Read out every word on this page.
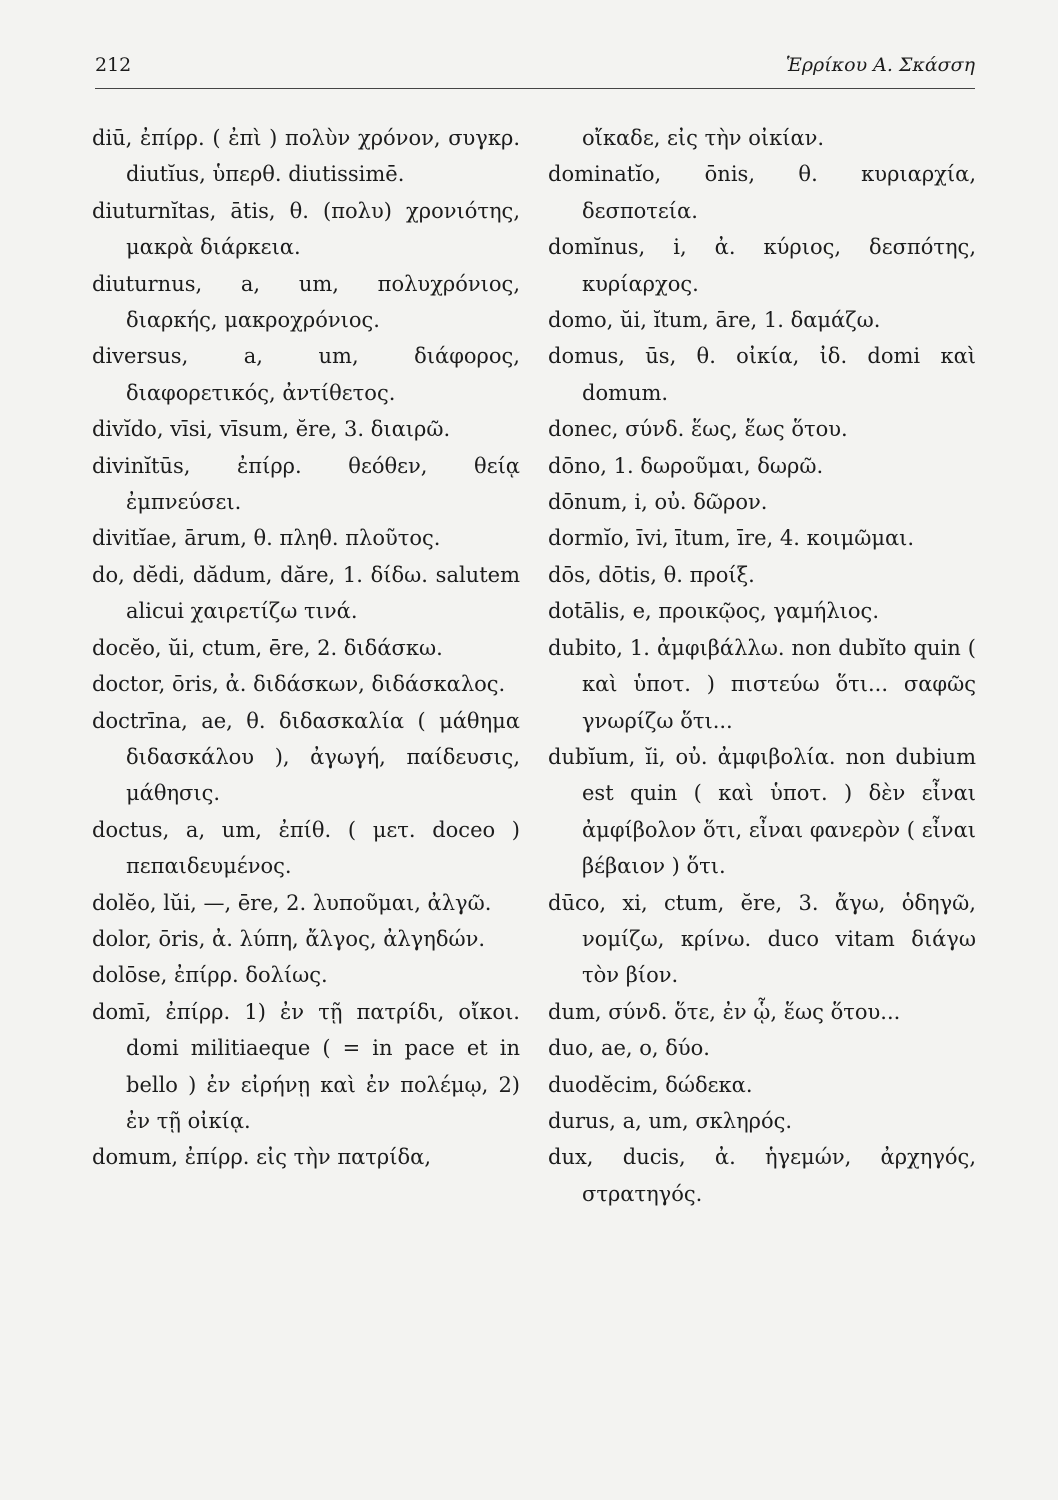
212	Ἑρρίκου Α. Σκάσση

diū, ἐπίρρ. ( ἐπὶ ) πολὺν χρόνον, συγκρ. diutĭus, ὑπερθ. diutissimē.

diuturnĭtas, ātis, θ. (πολυ) χρονιότης, μακρὰ διάρκεια.

diuturnus, a, um, πολυχρόνιος, διαρκής, μακροχρόνιος.

diversus, a, um, διάφορος, διαφορετικός, ἀντίθετος.

divĭdo, vīsi, vīsum, ĕre, 3. διαιρῶ.

divinĭtūs, ἐπίρρ. θεόθεν, θείᾳ ἐμπνεύσει.

divitĭae, ārum, θ. πληθ. πλοῦτος.

do, dĕdi, dădum, dăre, 1. δίδω. salutem alicui χαιρετίζω τινά.

docĕo, ŭi, ctum, ēre, 2. διδάσκω.

doctor, ōris, ἀ. διδάσκων, διδάσκαλος.

doctrīna, ae, θ. διδασκαλία ( μάθημα διδασκάλου ), ἀγωγή, παίδευσις, μάθησις.

doctus, a, um, ἐπίθ. ( μετ. doceo ) πεπαιδευμένος.

dolĕo, lŭi, —, ēre, 2. λυποῦμαι, ἀλγῶ.

dolor, ōris, ἀ. λύπη, ἄλγος, ἀλγηδών.

dolōse, ἐπίρρ. δολίως.

domī, ἐπίρρ. 1) ἐν τῇ πατρίδι, οἴκοι. domi militiaeque ( = in pace et in bello ) ἐν εἰρήνῃ καὶ ἐν πολέμῳ, 2) ἐν τῇ οἰκίᾳ.

domum, ἐπίρρ. εἰς τὴν πατρίδα,

οἴκαδε, εἰς τὴν οἰκίαν.

dominatĭo, ōnis, θ. κυριαρχία, δεσποτεία.

domĭnus, i, ἀ. κύριος, δεσπότης, κυρίαρχος.

domo, ŭi, ĭtum, āre, 1. δαμάζω.

domus, ūs, θ. οἰκία, ἰδ. domi καὶ domum.

donec, σύνδ. ἕως, ἕως ὅτου.

dōno, 1. δωροῦμαι, δωρῶ.

dōnum, i, οὐ. δῶρον.

dormĭo, īvi, ītum, īre, 4. κοιμῶμαι.

dōs, dōtis, θ. προίξ.

dotālis, e, προικῷος, γαμήλιος.

dubito, 1. ἀμφιβάλλω. non dubĭto quin ( καὶ ὑποτ. ) πιστεύω ὅτι... σαφῶς γνωρίζω ὅτι...

dubĭum, ĭi, οὐ. ἀμφιβολία. non dubium est quin ( καὶ ὑποτ. ) δὲν εἶναι ἀμφίβολον ὅτι, εἶναι φανερὸν ( εἶναι βέβαιον ) ὅτι.

dūco, xi, ctum, ĕre, 3. ἄγω, ὁδηγῶ, νομίζω, κρίνω. duco vitam διάγω τὸν βίον.

dum, σύνδ. ὅτε, ἐν ᾧ, ἕως ὅτου...

duo, ae, o, δύο.

duodĕcim, δώδεκα.

durus, a, um, σκληρός.

dux, ducis, ἀ. ἡγεμών, ἀρχηγός, στρατηγός.
